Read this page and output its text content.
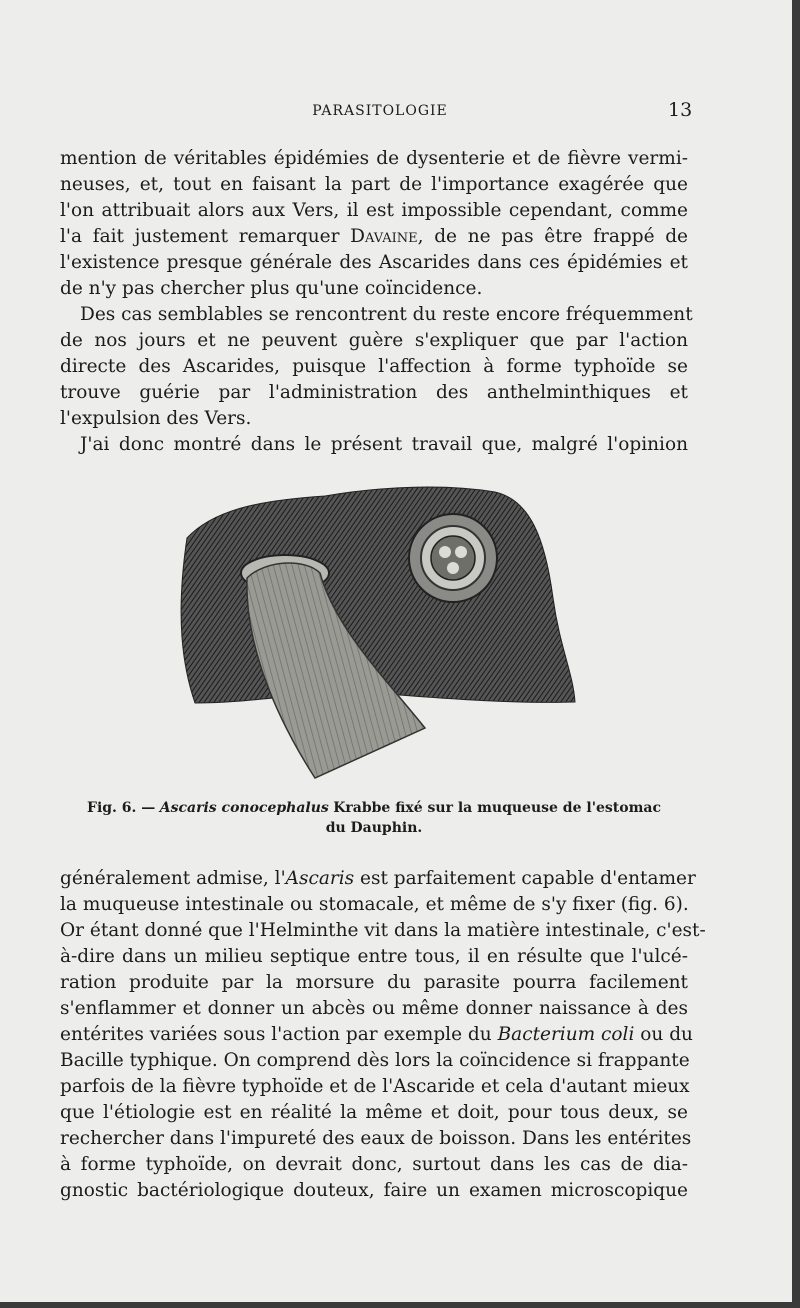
PARASITOLOGIE	13
mention de véritables épidémies de dysenterie et de fièvre vermi-
neuses, et, tout en faisant la part de l'importance exagérée que
l'on attribuait alors aux Vers, il est impossible cependant, comme
l'a fait justement remarquer Davaine, de ne pas être frappé de
l'existence presque générale des Ascarides dans ces épidémies et
de n'y pas chercher plus qu'une coïncidence.
Des cas semblables se rencontrent du reste encore fréquemment
de nos jours et ne peuvent guère s'expliquer que par l'action
directe des Ascarides, puisque l'affection à forme typhoïde se
trouve guérie par l'administration des anthelminthiques et
l'expulsion des Vers.
J'ai donc montré dans le présent travail que, malgré l'opinion
Fig. 6. — Ascaris conocephalus Krabbe fixé sur la muqueuse de l'estomac
du Dauphin.
généralement admise, l'Ascaris est parfaitement capable d'entamer
la muqueuse intestinale ou stomacale, et même de s'y fixer (fig. 6).
Or étant donné que l'Helminthe vit dans la matière intestinale, c'est-
à-dire dans un milieu septique entre tous, il en résulte que l'ulcé-
ration produite par la morsure du parasite pourra facilement
s'enflammer et donner un abcès ou même donner naissance à des
entérites variées sous l'action par exemple du Bacterium coli ou du
Bacille typhique. On comprend dès lors la coïncidence si frappante
parfois de la fièvre typhoïde et de l'Ascaride et cela d'autant mieux
que l'étiologie est en réalité la même et doit, pour tous deux, se
rechercher dans l'impureté des eaux de boisson. Dans les entérites
à forme typhoïde, on devrait donc, surtout dans les cas de dia-
gnostic bactériologique douteux, faire un examen microscopique
